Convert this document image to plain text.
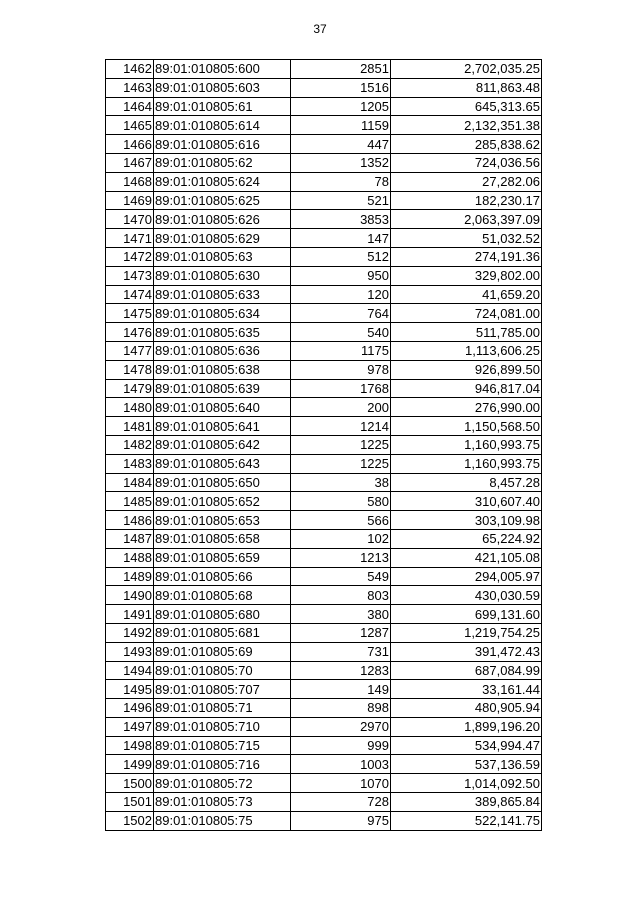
37
1462	89:01:010805:600	2851	2,702,035.25
1463	89:01:010805:603	1516	811,863.48
1464	89:01:010805:61	1205	645,313.65
1465	89:01:010805:614	1159	2,132,351.38
1466	89:01:010805:616	447	285,838.62
1467	89:01:010805:62	1352	724,036.56
1468	89:01:010805:624	78	27,282.06
1469	89:01:010805:625	521	182,230.17
1470	89:01:010805:626	3853	2,063,397.09
1471	89:01:010805:629	147	51,032.52
1472	89:01:010805:63	512	274,191.36
1473	89:01:010805:630	950	329,802.00
1474	89:01:010805:633	120	41,659.20
1475	89:01:010805:634	764	724,081.00
1476	89:01:010805:635	540	511,785.00
1477	89:01:010805:636	1175	1,113,606.25
1478	89:01:010805:638	978	926,899.50
1479	89:01:010805:639	1768	946,817.04
1480	89:01:010805:640	200	276,990.00
1481	89:01:010805:641	1214	1,150,568.50
1482	89:01:010805:642	1225	1,160,993.75
1483	89:01:010805:643	1225	1,160,993.75
1484	89:01:010805:650	38	8,457.28
1485	89:01:010805:652	580	310,607.40
1486	89:01:010805:653	566	303,109.98
1487	89:01:010805:658	102	65,224.92
1488	89:01:010805:659	1213	421,105.08
1489	89:01:010805:66	549	294,005.97
1490	89:01:010805:68	803	430,030.59
1491	89:01:010805:680	380	699,131.60
1492	89:01:010805:681	1287	1,219,754.25
1493	89:01:010805:69	731	391,472.43
1494	89:01:010805:70	1283	687,084.99
1495	89:01:010805:707	149	33,161.44
1496	89:01:010805:71	898	480,905.94
1497	89:01:010805:710	2970	1,899,196.20
1498	89:01:010805:715	999	534,994.47
1499	89:01:010805:716	1003	537,136.59
1500	89:01:010805:72	1070	1,014,092.50
1501	89:01:010805:73	728	389,865.84
1502	89:01:010805:75	975	522,141.75
